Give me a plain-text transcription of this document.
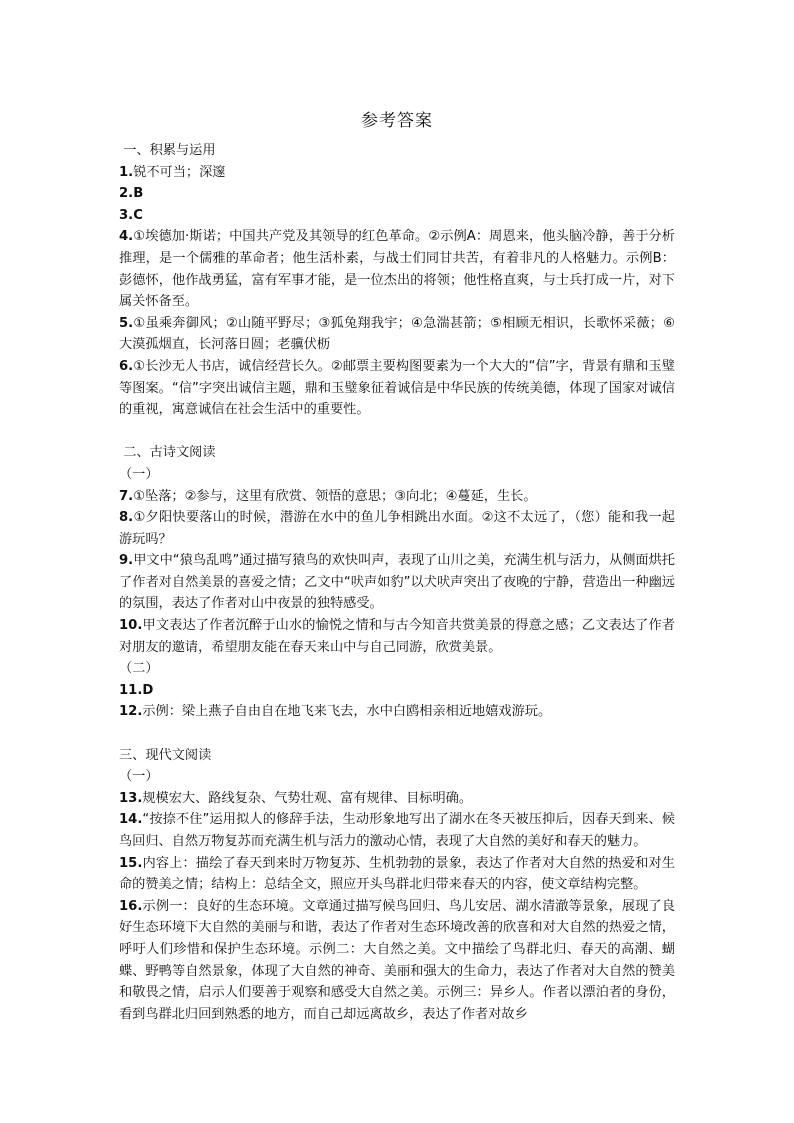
参考答案

一、积累与运用

1.锐不可当；深邃

2.B

3.C

4.①埃德加·斯诺；中国共产党及其领导的红色革命。②示例A：周恩来，他头脑冷静，善于分析推理，是一个儒雅的革命者；他生活朴素，与战士们同甘共苦，有着非凡的人格魅力。示例B：彭德怀，他作战勇猛，富有军事才能，是一位杰出的将领；他性格直爽，与士兵打成一片，对下属关怀备至。

5.①虽乘奔御风；②山随平野尽；③狐兔翔我宇；④急湍甚箭；⑤相顾无相识，长歌怀采薇；⑥大漠孤烟直，长河落日圆；老骥伏枥

6.①长沙无人书店，诚信经营长久。②邮票主要构图要素为一个大大的“信”字，背景有鼎和玉璧等图案。“信”字突出诚信主题，鼎和玉璧象征着诚信是中华民族的传统美德，体现了国家对诚信的重视，寓意诚信在社会生活中的重要性。

二、古诗文阅读

（一）

7.①坠落；②参与，这里有欣赏、领悟的意思；③向北；④蔓延，生长。

8.①夕阳快要落山的时候，潜游在水中的鱼儿争相跳出水面。②这不太远了，（您）能和我一起游玩吗？

9.甲文中“猿鸟乱鸣”通过描写猿鸟的欢快叫声，表现了山川之美，充满生机与活力，从侧面烘托了作者对自然美景的喜爱之情；乙文中“吠声如豹”以犬吠声突出了夜晚的宁静，营造出一种幽远的氛围，表达了作者对山中夜景的独特感受。

10.甲文表达了作者沉醉于山水的愉悦之情和与古今知音共赏美景的得意之感；乙文表达了作者对朋友的邀请，希望朋友能在春天来山中与自己同游，欣赏美景。

（二）

11.D

12.示例：梁上燕子自由自在地飞来飞去，水中白鸥相亲相近地嬉戏游玩。

三、现代文阅读

（一）

13.规模宏大、路线复杂、气势壮观、富有规律、目标明确。

14.“按捺不住”运用拟人的修辞手法，生动形象地写出了湖水在冬天被压抑后，因春天到来、候鸟回归、自然万物复苏而充满生机与活力的激动心情，表现了大自然的美好和春天的魅力。

15.内容上：描绘了春天到来时万物复苏、生机勃勃的景象，表达了作者对大自然的热爱和对生命的赞美之情；结构上：总结全文，照应开头鸟群北归带来春天的内容，使文章结构完整。

16.示例一：良好的生态环境。文章通过描写候鸟回归、鸟儿安居、湖水清澈等景象，展现了良好生态环境下大自然的美丽与和谐，表达了作者对生态环境改善的欣喜和对大自然的热爱之情，呼吁人们珍惜和保护生态环境。示例二：大自然之美。文中描绘了鸟群北归、春天的高潮、蝴蝶、野鸭等自然景象，体现了大自然的神奇、美丽和强大的生命力，表达了作者对大自然的赞美和敬畏之情，启示人们要善于观察和感受大自然之美。示例三：异乡人。作者以漂泊者的身份，看到鸟群北归回到熟悉的地方，而自己却远离故乡，表达了作者对故乡
